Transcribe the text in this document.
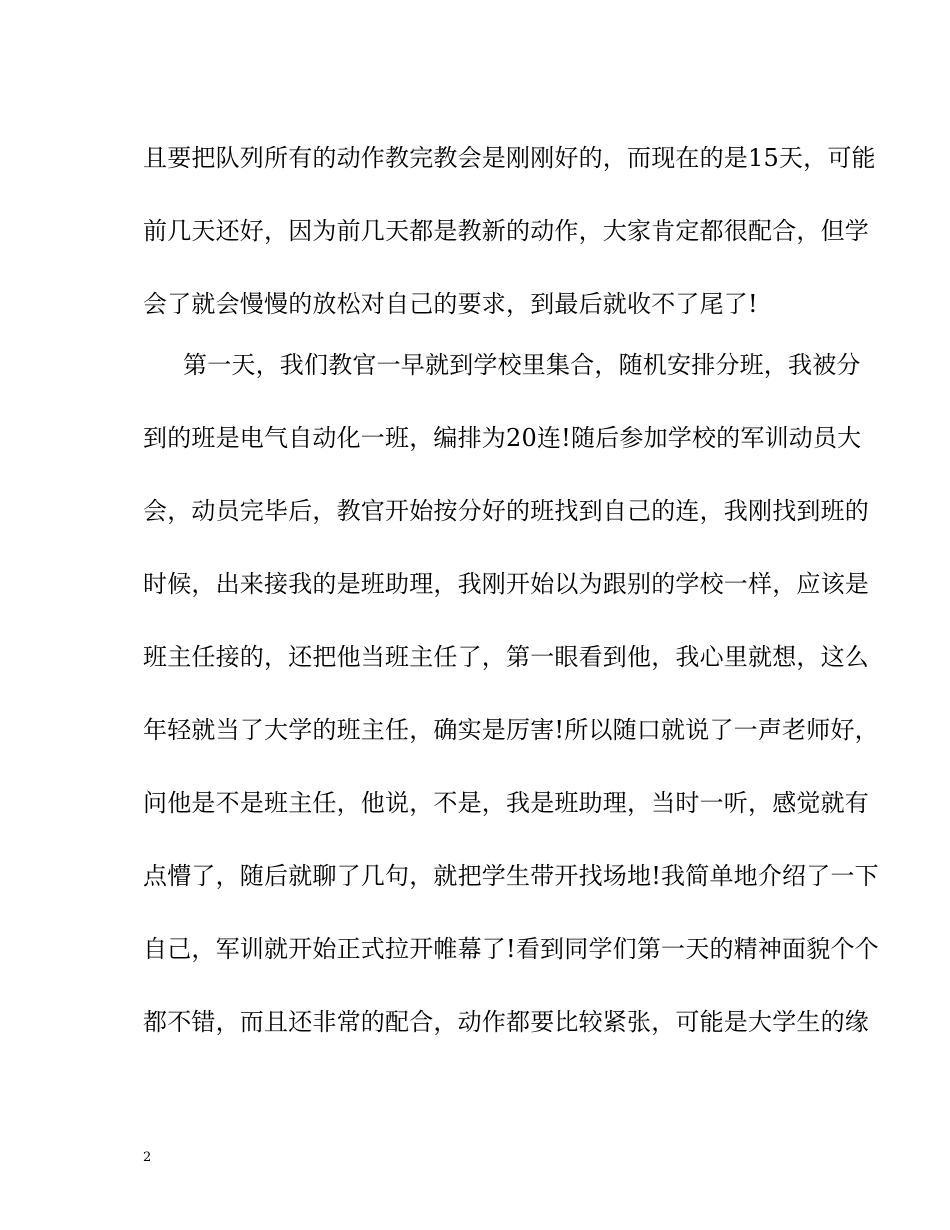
且要把队列所有的动作教完教会是刚刚好的，而现在的是15天，可能
前几天还好，因为前几天都是教新的动作，大家肯定都很配合，但学
会了就会慢慢的放松对自己的要求，到最后就收不了尾了!
第一天，我们教官一早就到学校里集合，随机安排分班，我被分
到的班是电气自动化一班，编排为20连!随后参加学校的军训动员大
会，动员完毕后，教官开始按分好的班找到自己的连，我刚找到班的
时候，出来接我的是班助理，我刚开始以为跟别的学校一样，应该是
班主任接的，还把他当班主任了，第一眼看到他，我心里就想，这么
年轻就当了大学的班主任，确实是厉害!所以随口就说了一声老师好，
问他是不是班主任，他说，不是，我是班助理，当时一听，感觉就有
点懵了，随后就聊了几句，就把学生带开找场地!我简单地介绍了一下
自己，军训就开始正式拉开帷幕了!看到同学们第一天的精神面貌个个
都不错，而且还非常的配合，动作都要比较紧张，可能是大学生的缘
2
